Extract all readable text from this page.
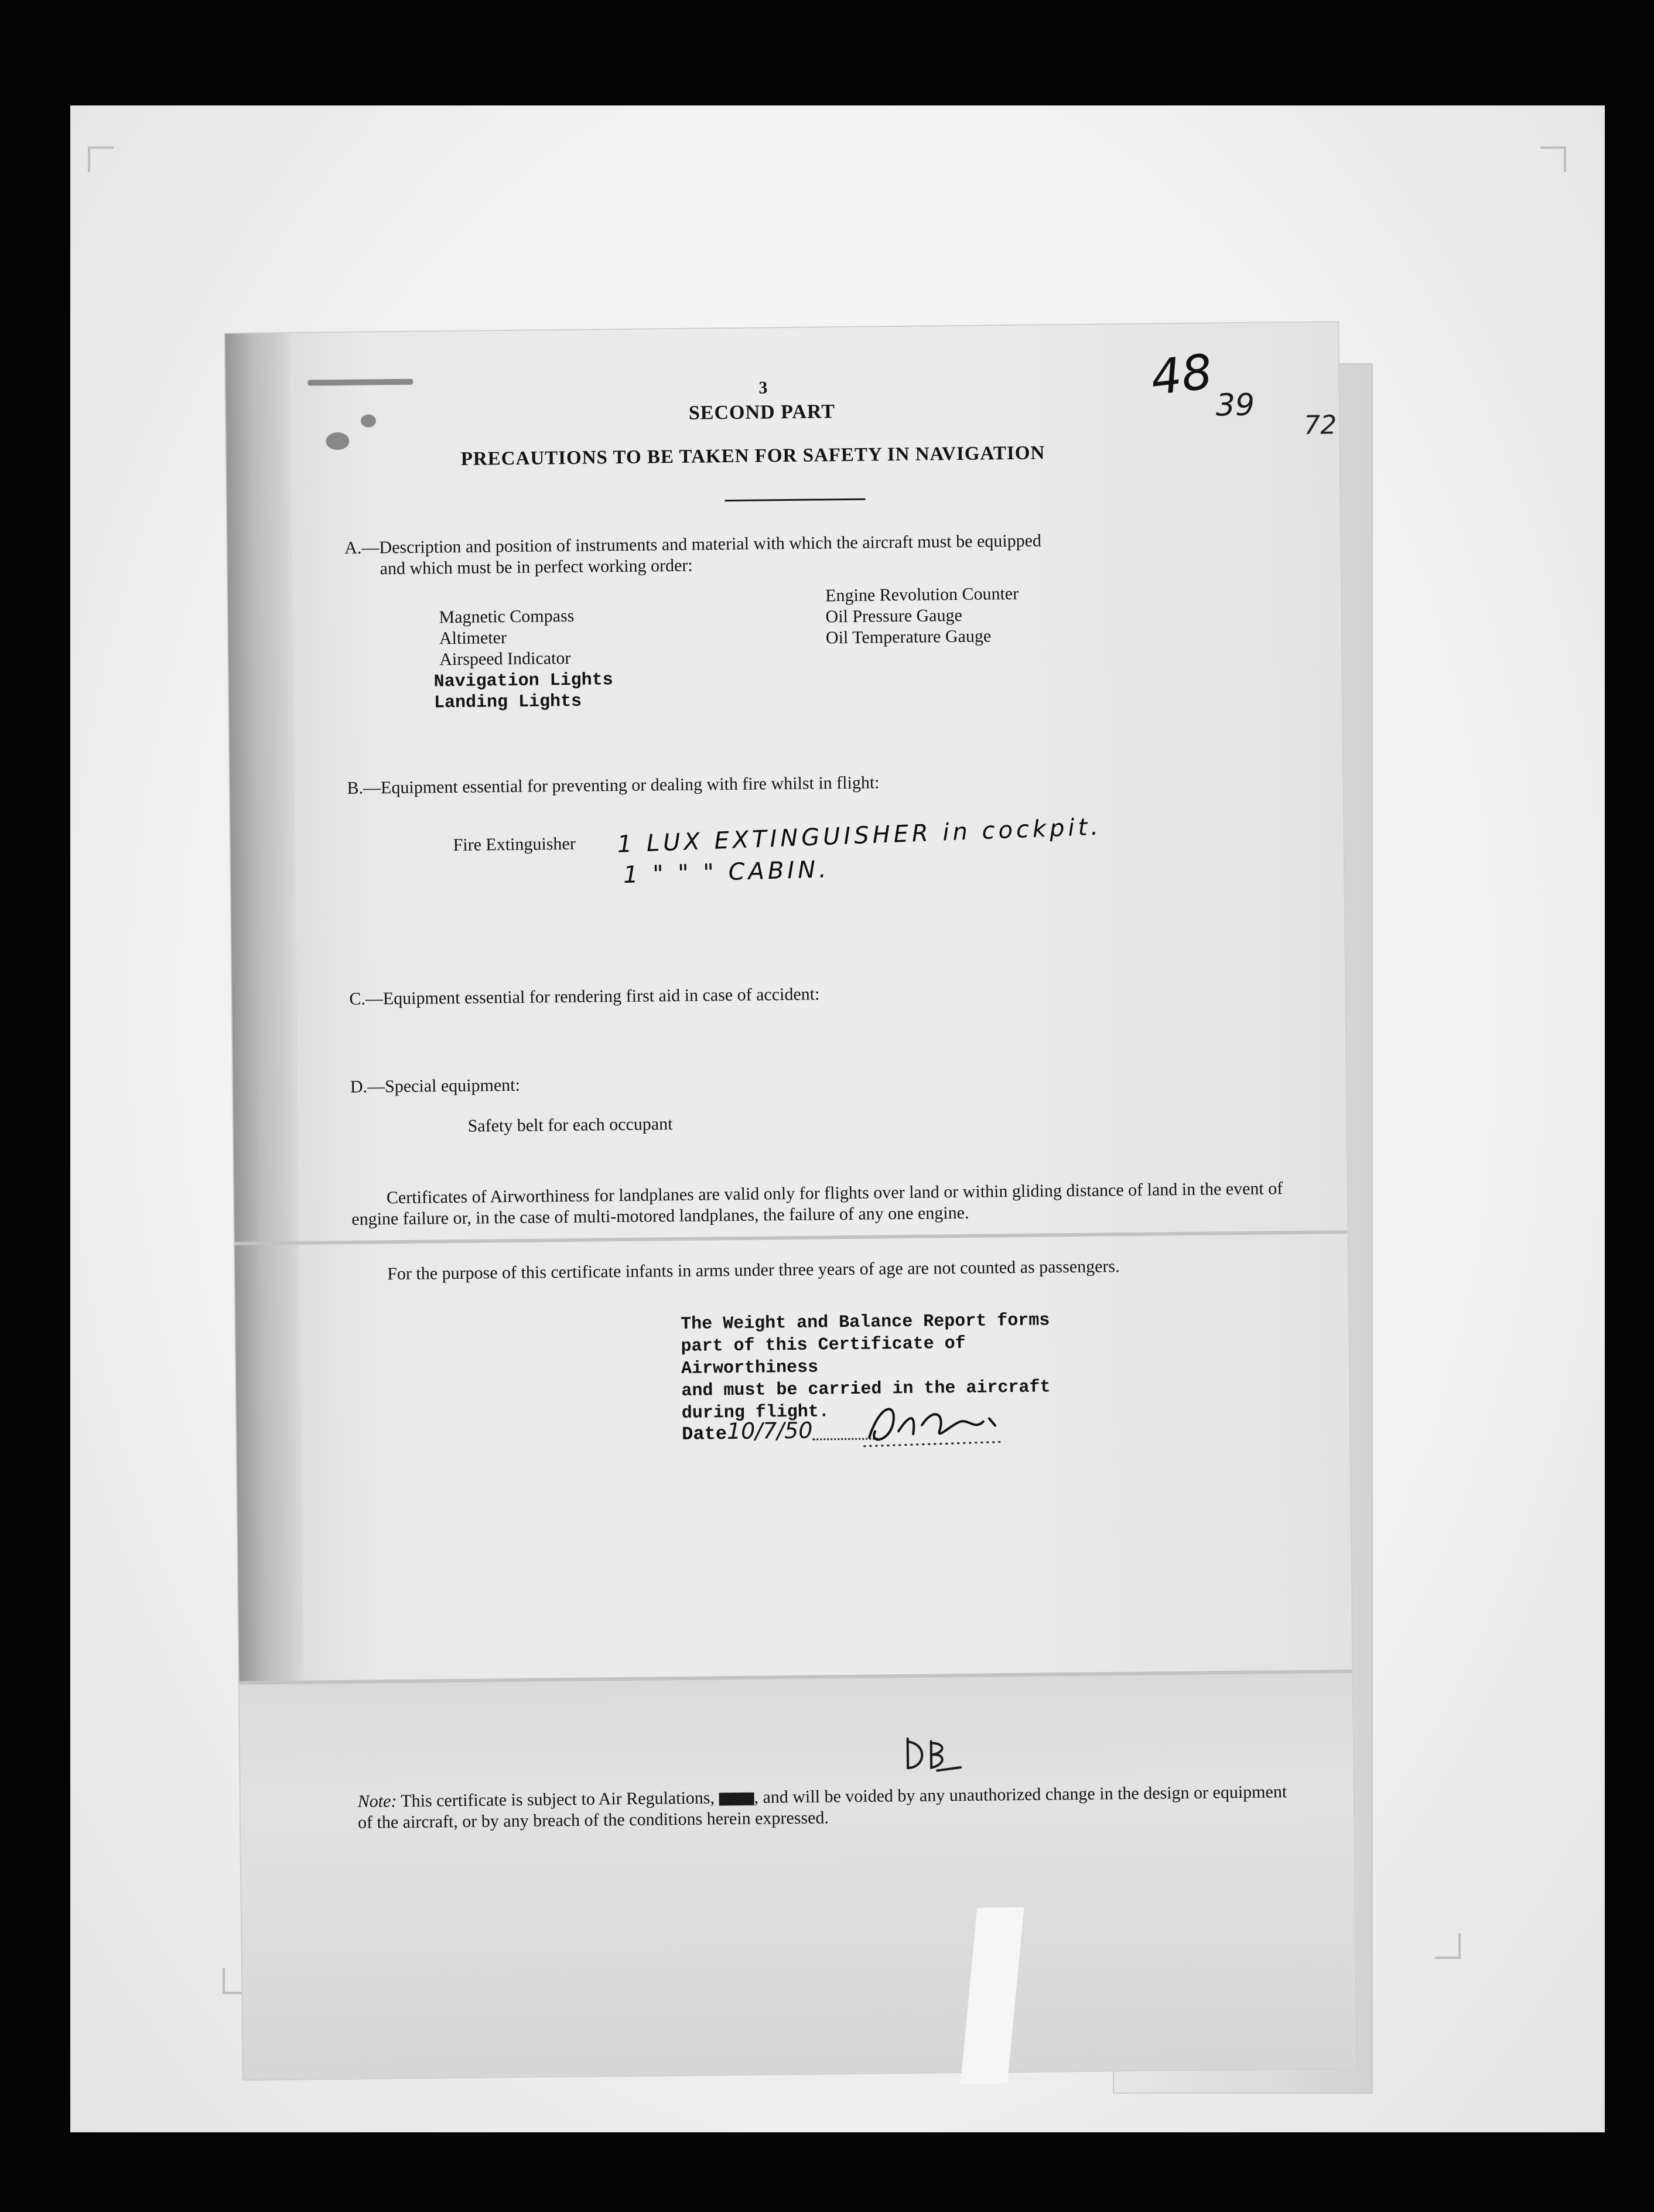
3
SECOND PART
PRECAUTIONS TO BE TAKEN FOR SAFETY IN NAVIGATION
48 39
72
A.—Description and position of instruments and material with which the aircraft must be equipped
and which must be in perfect working order:
Magnetic Compass
Altimeter
Airspeed Indicator
Navigation Lights
Landing Lights
Engine Revolution Counter
Oil Pressure Gauge
Oil Temperature Gauge
B.—Equipment essential for preventing or dealing with fire whilst in flight:
Fire Extinguisher 1 LUX EXTINGUISHER in cockpit.
1 " " " CABIN.
C.—Equipment essential for rendering first aid in case of accident:
D.—Special equipment:
Safety belt for each occupant
Certificates of Airworthiness for landplanes are valid only for flights over land or within gliding distance of land in the event of engine failure or, in the case of multi-motored landplanes, the failure of any one engine.
For the purpose of this certificate infants in arms under three years of age are not counted as passengers.
The Weight and Balance Report forms
part of this Certificate of Airworthiness
and must be carried in the aircraft
during flight.
Date10/7/50
Note: This certificate is subject to Air Regulations, , and will be voided by any unauthorized change in the design or equipment of the aircraft, or by any breach of the conditions herein expressed.
